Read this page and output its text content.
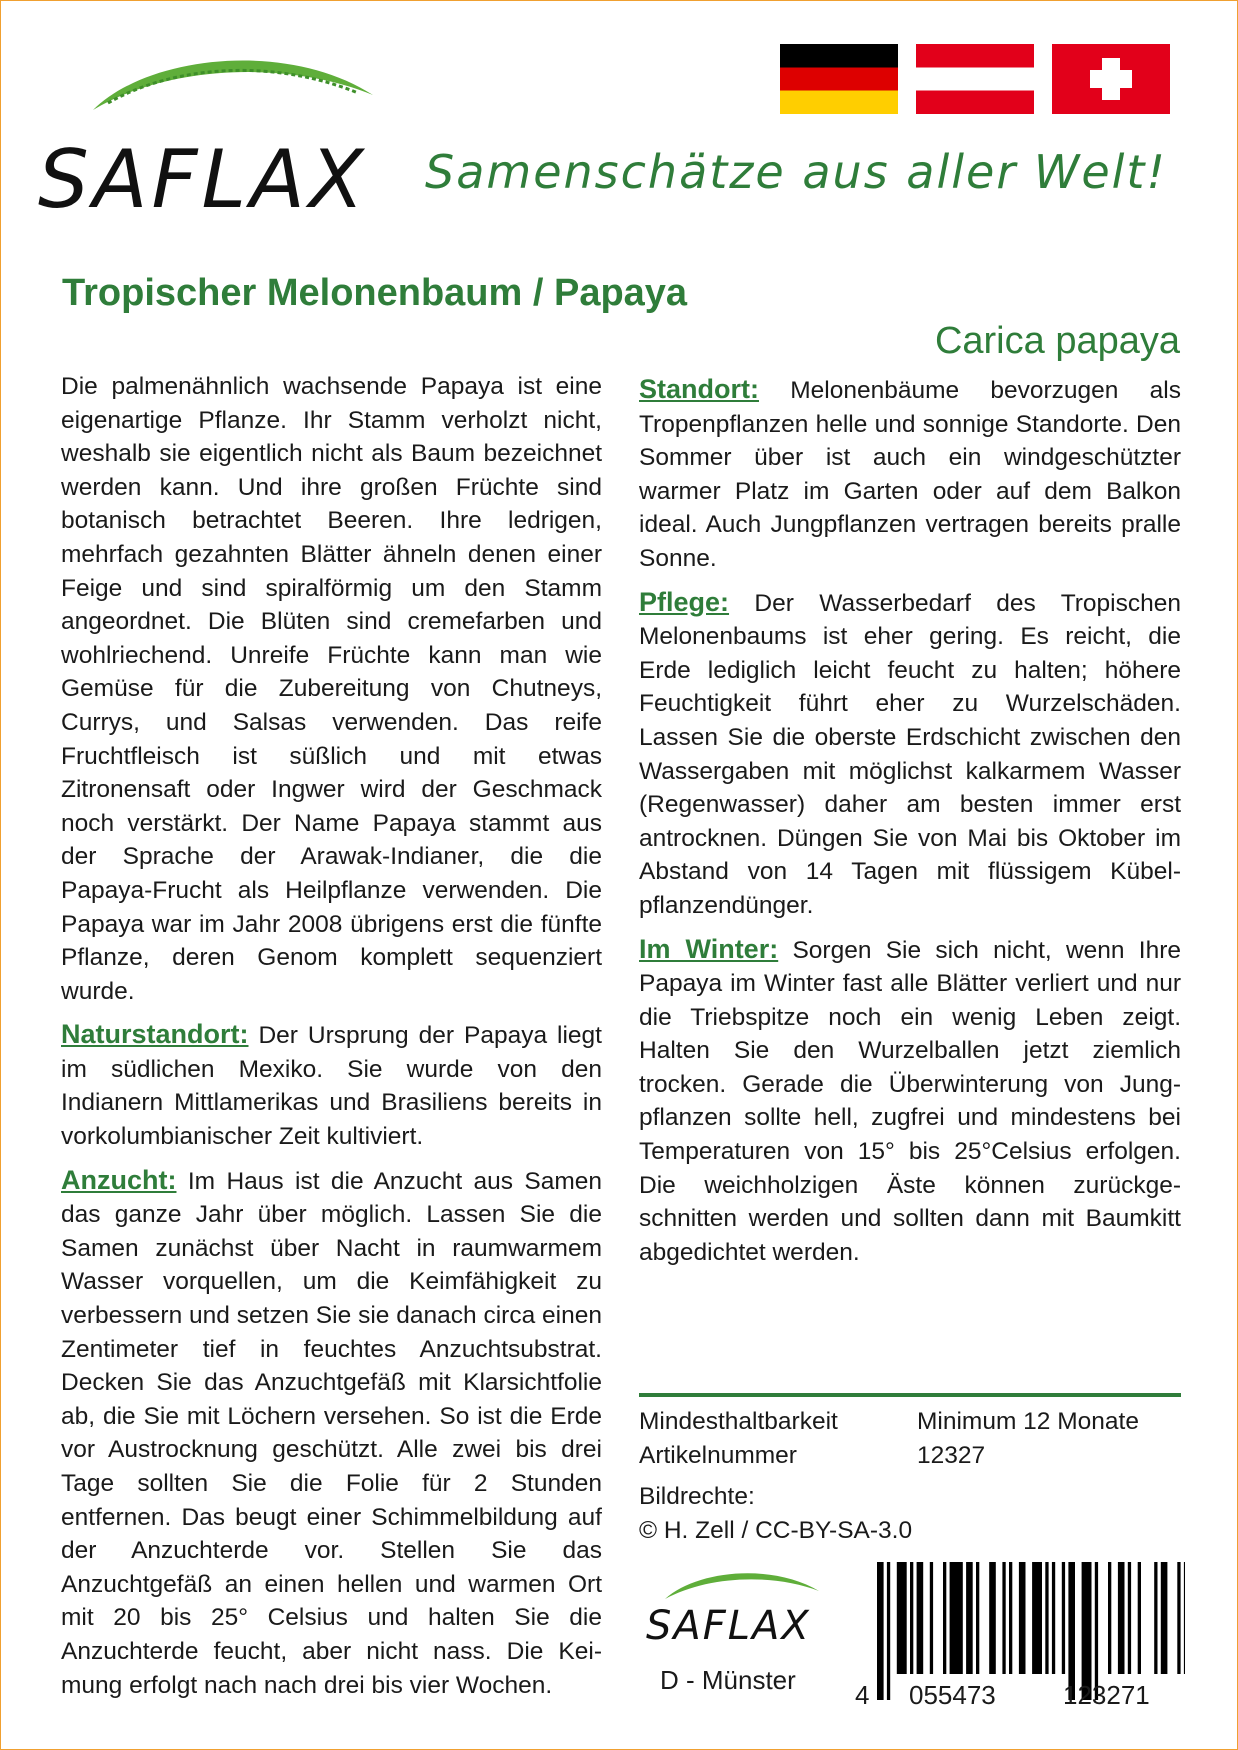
SAFLAX Samenschätze aus aller Welt!
Tropischer Melonenbaum / Papaya
Carica papaya

Die palmenähnlich wachsende Papaya ist eine eigenartige Pflanze. Ihr Stamm verholzt nicht, weshalb sie eigentlich nicht als Baum bezeichnet werden kann. Und ihre großen Früchte sind botanisch betrachtet Beeren. Ihre ledrigen, mehrfach gezahnten Blätter ähneln denen einer Feige und sind spiralförmig um den Stamm angeordnet. Die Blüten sind cremefarben und wohlriechend. Unreife Früchte kann man wie Gemüse für die Zubereitung von Chutneys, Currys, und Salsas verwenden. Das reife Fruchtfleisch ist süßlich und mit etwas Zitronensaft oder Ingwer wird der Geschmack noch verstärkt. Der Name Papaya stammt aus der Sprache der Arawak-Indianer, die die Papaya-Frucht als Heilpflanze verwenden. Die Papaya war im Jahr 2008 übrigens erst die fünfte Pflanze, deren Genom komplett sequenziert wurde.

Naturstandort: Der Ursprung der Papaya liegt im südlichen Mexiko. Sie wurde von den Indianern Mittlamerikas und Brasiliens bereits in vorkolumbianischer Zeit kultiviert.

Anzucht: Im Haus ist die Anzucht aus Samen das ganze Jahr über möglich. Lassen Sie die Samen zunächst über Nacht in raumwarmem Wasser vorquellen, um die Keimfähigkeit zu verbessern und setzen Sie sie danach circa einen Zentimeter tief in feuchtes Anzuchtsubstrat. Decken Sie das Anzuchtgefäß mit Klarsichtfolie ab, die Sie mit Löchern versehen. So ist die Erde vor Austrocknung geschützt. Alle zwei bis drei Tage sollten Sie die Folie für 2 Stunden entfernen. Das beugt einer Schimmelbildung auf der Anzuchterde vor. Stellen Sie das Anzuchtgefäß an einen hellen und warmen Ort mit 20 bis 25° Celsius und halten Sie die Anzuchterde feucht, aber nicht nass. Die Keimung erfolgt nach nach drei bis vier Wochen.

Standort: Melonenbäume bevorzugen als Tropenpflanzen helle und sonnige Standorte. Den Sommer über ist auch ein windgeschützter warmer Platz im Garten oder auf dem Balkon ideal. Auch Jungpflanzen vertragen bereits pralle Sonne.

Pflege: Der Wasserbedarf des Tropischen Melonenbaums ist eher gering. Es reicht, die Erde lediglich leicht feucht zu halten; höhere Feuchtigkeit führt eher zu Wurzelschäden. Lassen Sie die oberste Erdschicht zwischen den Wassergaben mit möglichst kalkarmem Wasser (Regenwasser) daher am besten immer erst antrocknen. Düngen Sie von Mai bis Oktober im Abstand von 14 Tagen mit flüssigem Kübelpflanzendünger.

Im Winter: Sorgen Sie sich nicht, wenn Ihre Papaya im Winter fast alle Blätter verliert und nur die Triebspitze noch ein wenig Leben zeigt. Halten Sie den Wurzelballen jetzt ziemlich trocken. Gerade die Überwinterung von Jungpflanzen sollte hell, zugfrei und mindestens bei Temperaturen von 15° bis 25°Celsius erfolgen. Die weichholzigen Äste können zurückgeschnitten werden und sollten dann mit Baumkitt abgedichtet werden.

Mindesthaltbarkeit	Minimum 12 Monate
Artikelnummer	12327
Bildrechte:
© H. Zell / CC-BY-SA-3.0
SAFLAX
D - Münster 4 055473	123271
